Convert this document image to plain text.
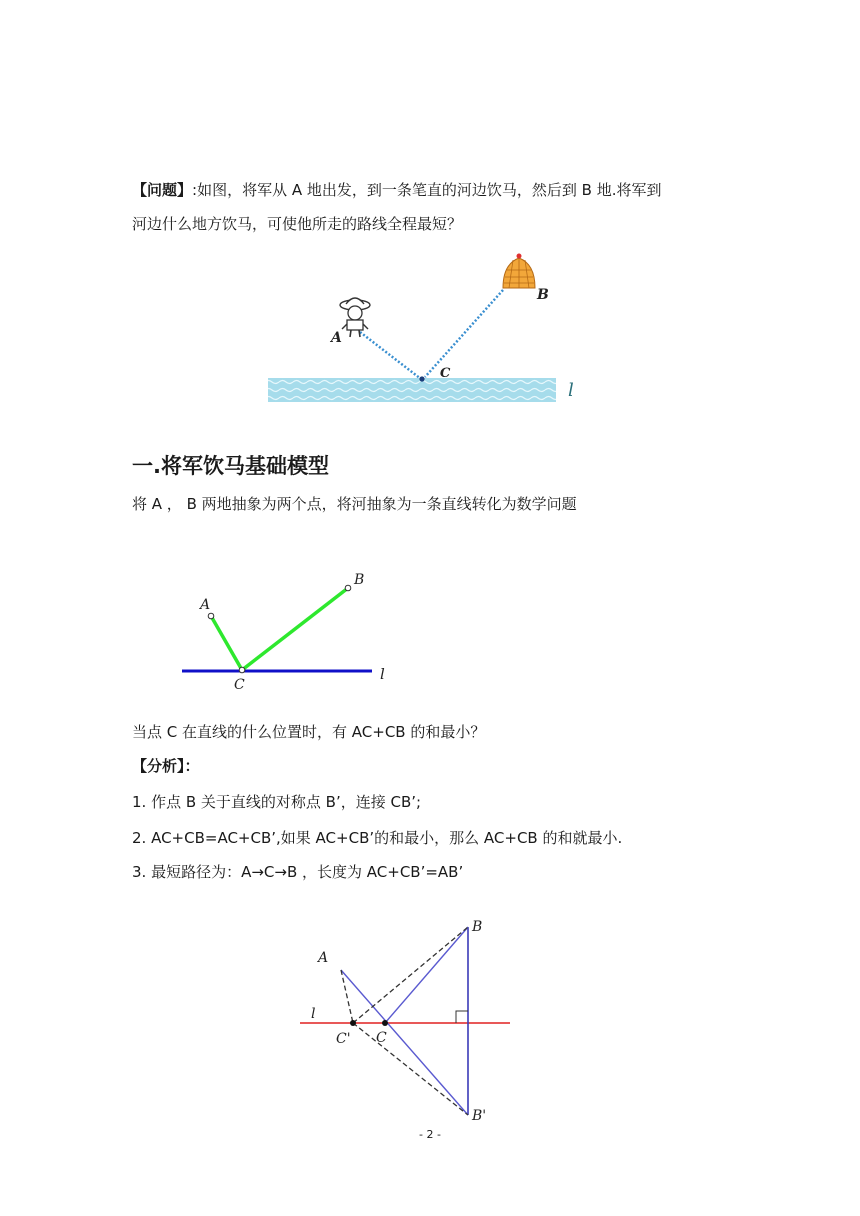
【问题】:如图，将军从 A 地出发，到一条笔直的河边饮马，然后到 B 地.将军到
河边什么地方饮马，可使他所走的路线全程最短？
A
B
C
l
一.将军饮马基础模型
将 A ， B 两地抽象为两个点，将河抽象为一条直线转化为数学问题
A
B
C
l
当点 C 在直线的什么位置时，有 AC+CB 的和最小？
【分析】：
1. 作点 B 关于直线的对称点 B’，连接 CB’;
2. AC+CB=AC+CB’,如果 AC+CB’的和最小，那么 AC+CB 的和就最小.
3. 最短路径为：A→C→B ，长度为 AC+CB’=AB’
A
B
B'
C
C'
l
- 2 -
